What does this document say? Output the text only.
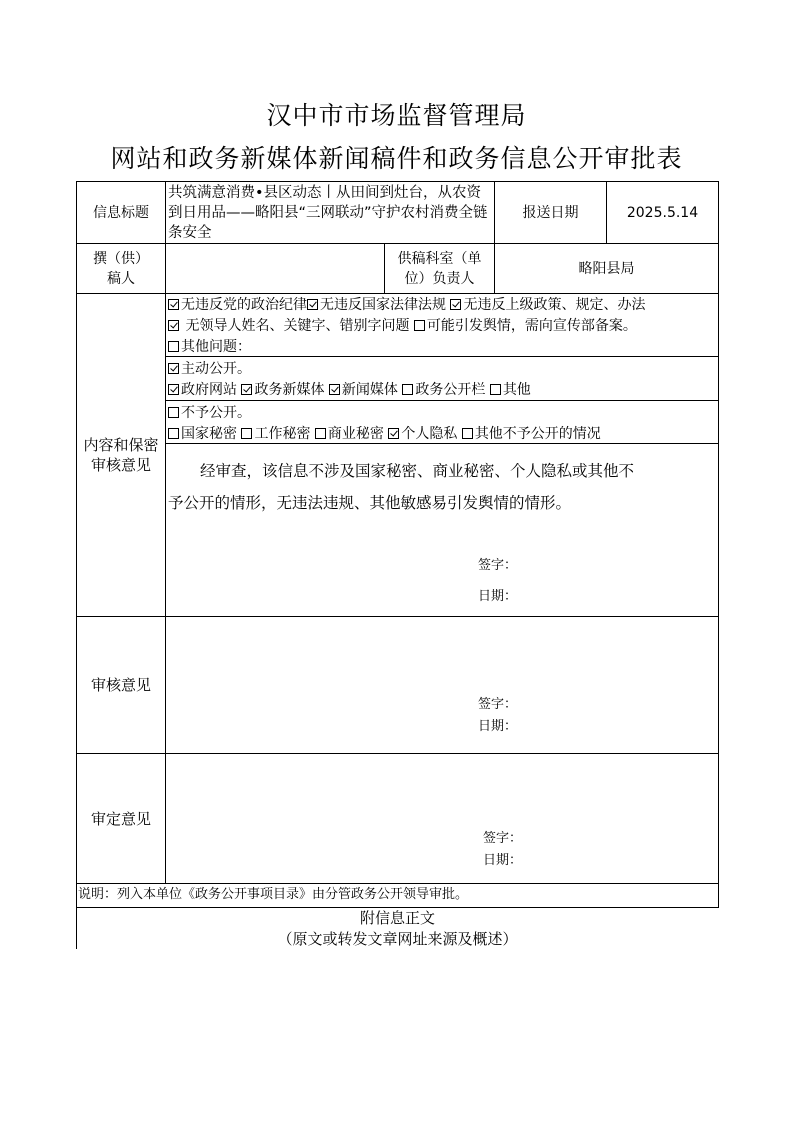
汉中市市场监督管理局
网站和政务新媒体新闻稿件和政务信息公开审批表
信息标题
共筑满意消费•县区动态丨从田间到灶台，从农资到日用品——略阳县“三网联动”守护农村消费全链条安全
报送日期	2025.5.14
撰（供）稿人
供稿科室（单位）负责人
略阳县局
内容和保密审核意见
无违反党的政治纪律 无违反国家法律法规 无违反上级政策、规定、办法
无领导人姓名、关键字、错别字问题 可能引发舆情，需向宣传部备案。
其他问题：
主动公开。
政府网站 政务新媒体 新闻媒体 政务公开栏 其他
不予公开。
国家秘密 工作秘密 商业秘密 个人隐私 其他不予公开的情况
经审查，该信息不涉及国家秘密、商业秘密、个人隐私或其他不
予公开的情形，无违法违规、其他敏感易引发舆情的情形。
签字：
日期：
审核意见
签字：
日期：
审定意见
签字：
日期：
说明：列入本单位《政务公开事项目录》由分管政务公开领导审批。
附信息正文
（原文或转发文章网址来源及概述）
